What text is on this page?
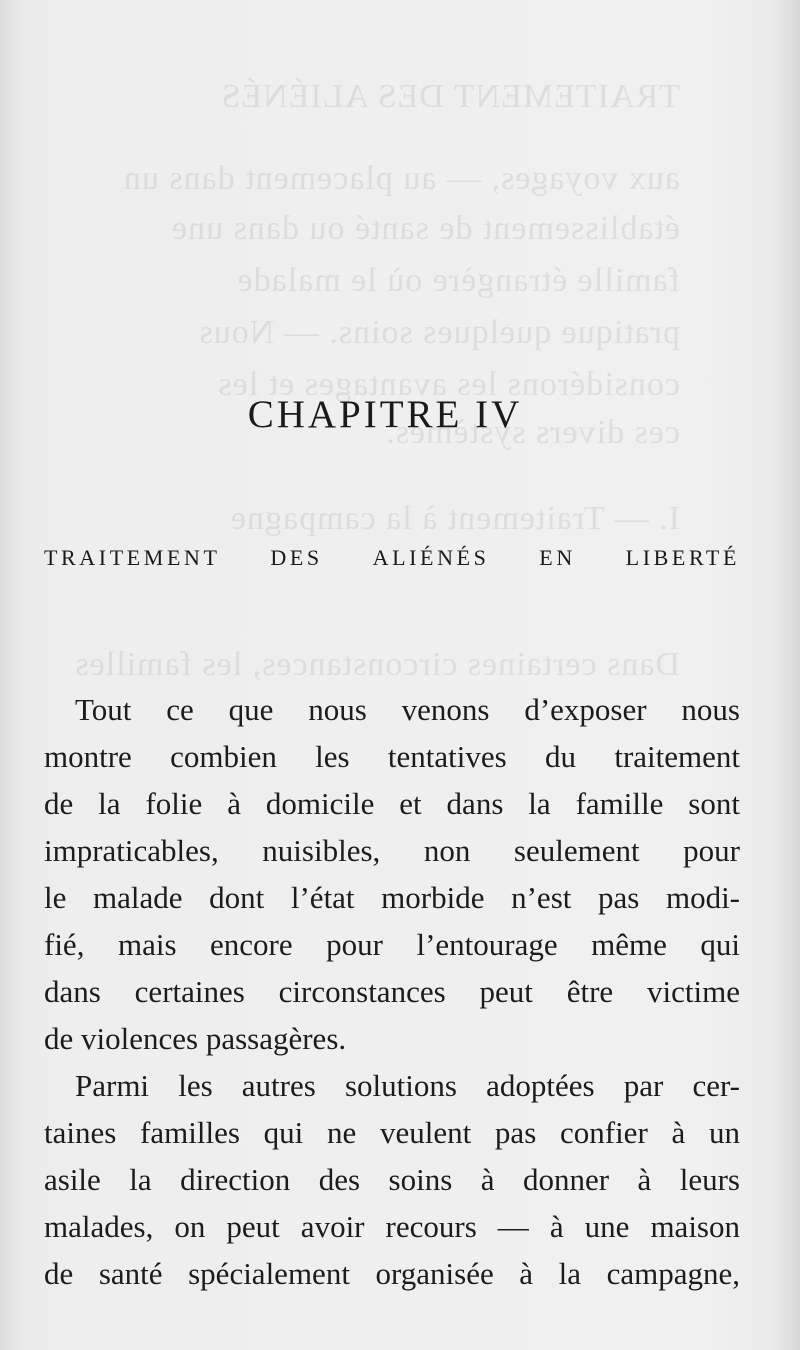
TRAITEMENT DES ALIÉNÉS
aux voyages, — au placement dans un
établissement de santé ou dans une
famille étrangère où le malade
pratique quelques soins. — Nous
considérons les avantages et les
ces divers systèmes.
I. — Traitement à la campagne
Dans certaines circonstances, les familles
CHAPITRE IV
TRAITEMENT DES ALIÉNÉS EN LIBERTÉ

Tout ce que nous venons d’exposer nous
montre combien les tentatives du traitement
de la folie à domicile et dans la famille sont
impraticables, nuisibles, non seulement pour
le malade dont l’état morbide n’est pas modi-
fié, mais encore pour l’entourage même qui
dans certaines circonstances peut être victime
de violences passagères.

Parmi les autres solutions adoptées par cer-
taines familles qui ne veulent pas confier à un
asile la direction des soins à donner à leurs
malades, on peut avoir recours — à une maison
de santé spécialement organisée à la campagne,
